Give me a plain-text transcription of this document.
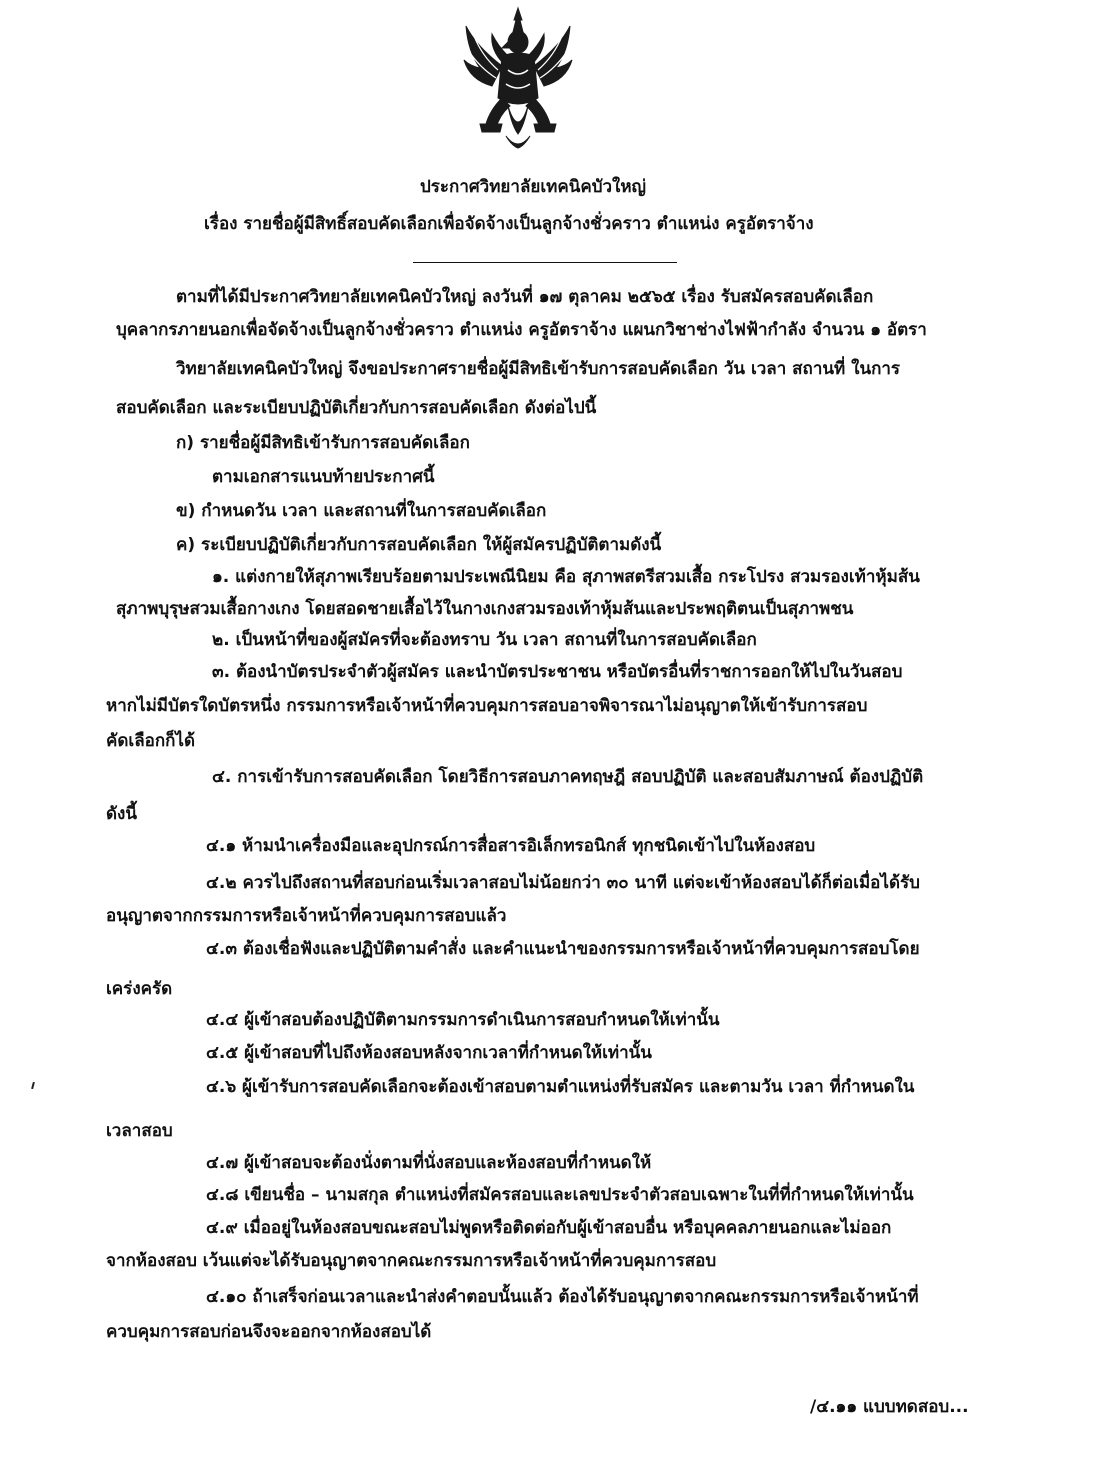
ประกาศวิทยาลัยเทคนิคบัวใหญ่
เรื่อง รายชื่อผู้มีสิทธิ์สอบคัดเลือกเพื่อจัดจ้างเป็นลูกจ้างชั่วคราว ตำแหน่ง ครูอัตราจ้าง
ตามที่ได้มีประกาศวิทยาลัยเทคนิคบัวใหญ่ ลงวันที่ ๑๗ ตุลาคม ๒๕๖๕ เรื่อง รับสมัครสอบคัดเลือก
บุคลากรภายนอกเพื่อจัดจ้างเป็นลูกจ้างชั่วคราว ตำแหน่ง ครูอัตราจ้าง แผนกวิชาช่างไฟฟ้ากำลัง จำนวน ๑ อัตรา
วิทยาลัยเทคนิคบัวใหญ่ จึงขอประกาศรายชื่อผู้มีสิทธิเข้ารับการสอบคัดเลือก วัน เวลา สถานที่ ในการ
สอบคัดเลือก และระเบียบปฏิบัติเกี่ยวกับการสอบคัดเลือก ดังต่อไปนี้
ก) รายชื่อผู้มีสิทธิเข้ารับการสอบคัดเลือก
ตามเอกสารแนบท้ายประกาศนี้
ข) กำหนดวัน เวลา และสถานที่ในการสอบคัดเลือก
ค) ระเบียบปฏิบัติเกี่ยวกับการสอบคัดเลือก ให้ผู้สมัครปฏิบัติตามดังนี้
๑. แต่งกายให้สุภาพเรียบร้อยตามประเพณีนิยม คือ สุภาพสตรีสวมเสื้อ กระโปรง สวมรองเท้าหุ้มส้น
สุภาพบุรุษสวมเสื้อกางเกง โดยสอดชายเสื้อไว้ในกางเกงสวมรองเท้าหุ้มส้นและประพฤติตนเป็นสุภาพชน
๒. เป็นหน้าที่ของผู้สมัครที่จะต้องทราบ วัน เวลา สถานที่ในการสอบคัดเลือก
๓. ต้องนำบัตรประจำตัวผู้สมัคร และนำบัตรประชาชน หรือบัตรอื่นที่ราชการออกให้ไปในวันสอบ
หากไม่มีบัตรใดบัตรหนึ่ง กรรมการหรือเจ้าหน้าที่ควบคุมการสอบอาจพิจารณาไม่อนุญาตให้เข้ารับการสอบ
คัดเลือกก็ได้
๔. การเข้ารับการสอบคัดเลือก โดยวิธีการสอบภาคทฤษฎี สอบปฏิบัติ และสอบสัมภาษณ์ ต้องปฏิบัติ
ดังนี้
๔.๑ ห้ามนำเครื่องมือและอุปกรณ์การสื่อสารอิเล็กทรอนิกส์ ทุกชนิดเข้าไปในห้องสอบ
๔.๒ ควรไปถึงสถานที่สอบก่อนเริ่มเวลาสอบไม่น้อยกว่า ๓๐ นาที แต่จะเข้าห้องสอบได้ก็ต่อเมื่อได้รับ
อนุญาตจากกรรมการหรือเจ้าหน้าที่ควบคุมการสอบแล้ว
๔.๓ ต้องเชื่อฟังและปฏิบัติตามคำสั่ง และคำแนะนำของกรรมการหรือเจ้าหน้าที่ควบคุมการสอบโดย
เคร่งครัด
๔.๔ ผู้เข้าสอบต้องปฏิบัติตามกรรมการดำเนินการสอบกำหนดให้เท่านั้น
๔.๕ ผู้เข้าสอบที่ไปถึงห้องสอบหลังจากเวลาที่กำหนดให้เท่านั้น
๔.๖ ผู้เข้ารับการสอบคัดเลือกจะต้องเข้าสอบตามตำแหน่งที่รับสมัคร และตามวัน เวลา ที่กำหนดใน
เวลาสอบ
๔.๗ ผู้เข้าสอบจะต้องนั่งตามที่นั่งสอบและห้องสอบที่กำหนดให้
๔.๘ เขียนชื่อ – นามสกุล ตำแหน่งที่สมัครสอบและเลขประจำตัวสอบเฉพาะในที่ที่กำหนดให้เท่านั้น
๔.๙ เมื่ออยู่ในห้องสอบขณะสอบไม่พูดหรือติดต่อกับผู้เข้าสอบอื่น หรือบุคคลภายนอกและไม่ออก
จากห้องสอบ เว้นแต่จะได้รับอนุญาตจากคณะกรรมการหรือเจ้าหน้าที่ควบคุมการสอบ
๔.๑๐ ถ้าเสร็จก่อนเวลาและนำส่งคำตอบนั้นแล้ว ต้องได้รับอนุญาตจากคณะกรรมการหรือเจ้าหน้าที่
ควบคุมการสอบก่อนจึงจะออกจากห้องสอบได้
/๔.๑๑ แบบทดสอบ...
